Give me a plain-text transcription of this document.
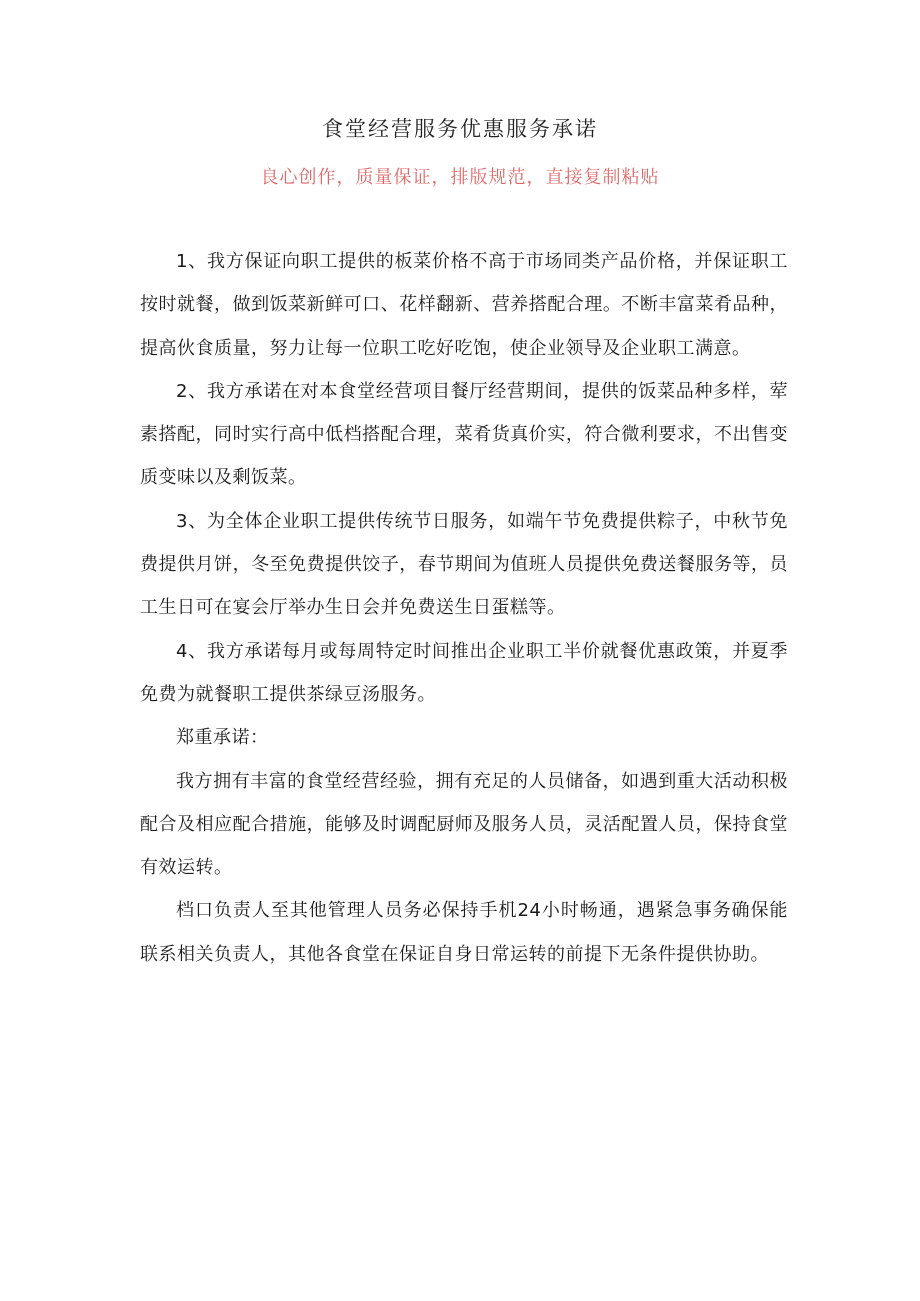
食堂经营服务优惠服务承诺
良心创作，质量保证，排版规范，直接复制粘贴

1、我方保证向职工提供的板菜价格不高于市场同类产品价格，并保证职工按时就餐，做到饭菜新鲜可口、花样翻新、营养搭配合理。不断丰富菜肴品种，提高伙食质量，努力让每一位职工吃好吃饱，使企业领导及企业职工满意。

2、我方承诺在对本食堂经营项目餐厅经营期间，提供的饭菜品种多样，荤素搭配，同时实行高中低档搭配合理，菜肴货真价实，符合微利要求，不出售变质变味以及剩饭菜。

3、为全体企业职工提供传统节日服务，如端午节免费提供粽子，中秋节免费提供月饼，冬至免费提供饺子，春节期间为值班人员提供免费送餐服务等，员工生日可在宴会厅举办生日会并免费送生日蛋糕等。

4、我方承诺每月或每周特定时间推出企业职工半价就餐优惠政策，并夏季免费为就餐职工提供茶绿豆汤服务。

郑重承诺：

我方拥有丰富的食堂经营经验，拥有充足的人员储备，如遇到重大活动积极配合及相应配合措施，能够及时调配厨师及服务人员，灵活配置人员，保持食堂有效运转。

档口负责人至其他管理人员务必保持手机24小时畅通，遇紧急事务确保能联系相关负责人，其他各食堂在保证自身日常运转的前提下无条件提供协助。
